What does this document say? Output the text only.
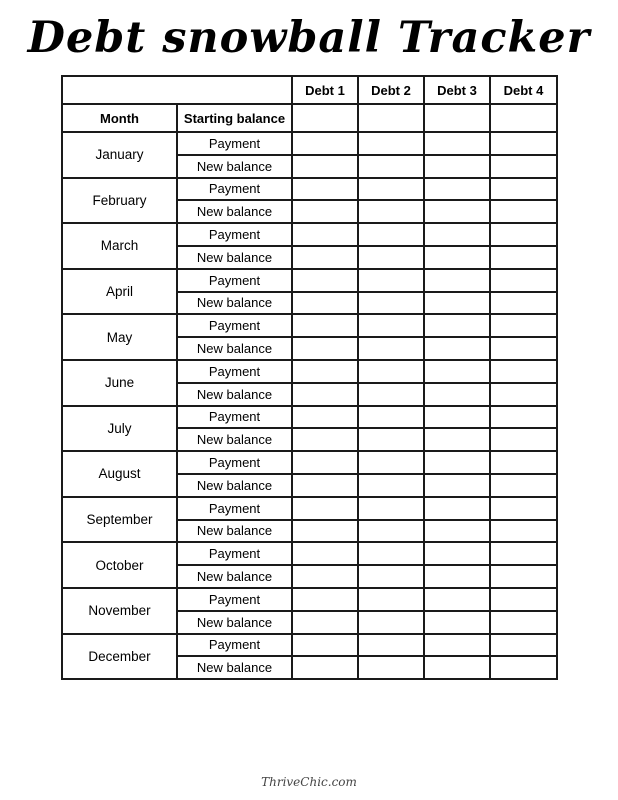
Debt snowball Tracker
		Debt 1	Debt 2	Debt 3	Debt 4
Month	Starting balance				
January	Payment				
	New balance				
February	Payment				
	New balance				
March	Payment				
	New balance				
April	Payment				
	New balance				
May	Payment				
	New balance				
June	Payment				
	New balance				
July	Payment				
	New balance				
August	Payment				
	New balance				
September	Payment				
	New balance				
October	Payment				
	New balance				
November	Payment				
	New balance				
December	Payment				
	New balance				
ThriveChic.com
